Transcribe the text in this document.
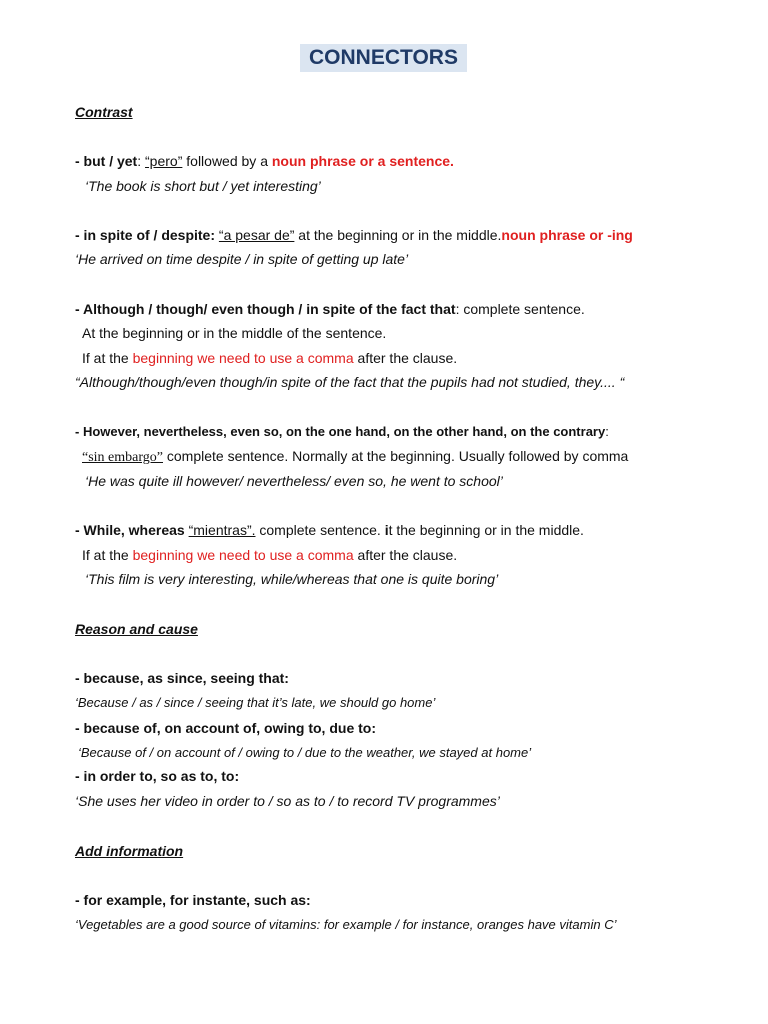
CONNECTORS
Contrast
- but / yet: “pero” followed by a noun phrase or a sentence.
‘The book is short but / yet interesting’
- in spite of / despite: “a pesar de” at the beginning or in the middle.noun phrase or -ing
‘He arrived on time despite / in spite of getting up late’
- Although / though/ even though / in spite of the fact that: complete sentence.
At the beginning or in the middle of the sentence.
If at the beginning we need to use a comma after the clause.
“Although/though/even though/in spite of the fact that the pupils had not studied, they.... “
- However, nevertheless, even so, on the one hand, on the other hand, on the contrary:
“sin embargo” complete sentence. Normally at the beginning. Usually followed by comma
‘He was quite ill however/ nevertheless/ even so, he went to school’
- While, whereas “mientras”. complete sentence. it the beginning or in the middle.
If at the beginning we need to use a comma after the clause.
‘This film is very interesting, while/whereas that one is quite boring’
Reason and cause
- because, as since, seeing that:
‘Because / as / since / seeing that it’s late, we should go home’
- because of, on account of, owing to, due to:
‘Because of / on account of / owing to / due to the weather, we stayed at home’
- in order to, so as to, to:
‘She uses her video in order to / so as to / to record TV programmes’
Add information
- for example, for instante, such as:
‘Vegetables are a good source of vitamins: for example / for instance, oranges have vitamin C’
